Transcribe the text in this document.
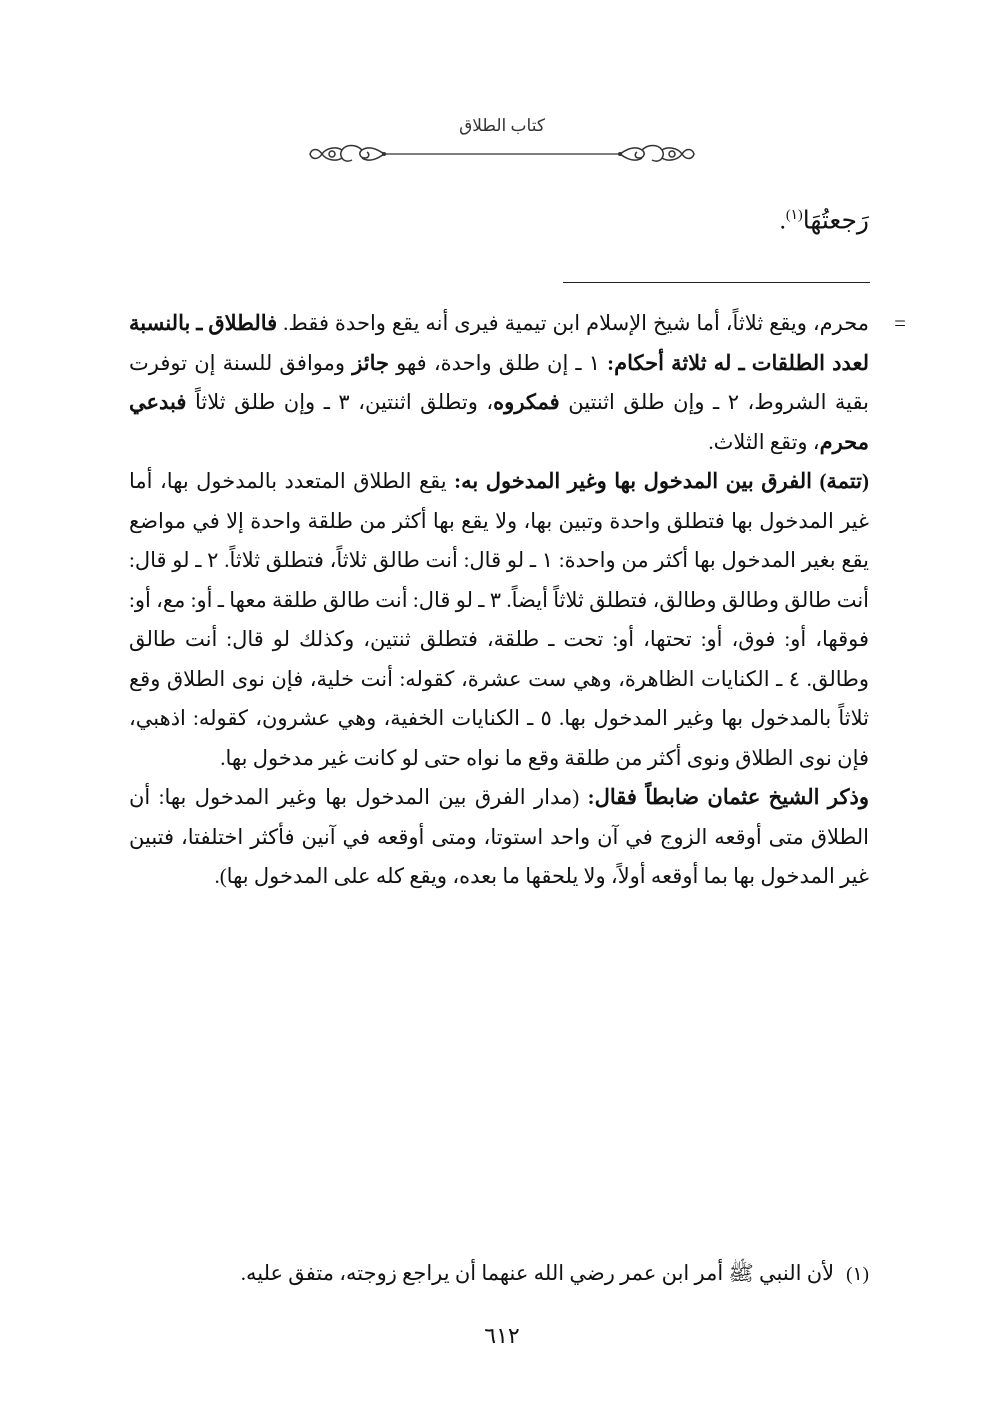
كتاب الطلاق
رَجعتُهَا$^{(١)}$.

=
محرم، ويقع ثلاثاً، أما شيخ الإسلام ابن تيمية فيرى أنه يقع واحدة فقط. فالطلاق ـ بالنسبة لعدد الطلقات ـ له ثلاثة أحكام: ١ ـ إن طلق واحدة، فهو جائز وموافق للسنة إن توفرت بقية الشروط، ٢ ـ وإن طلق اثنتين فمكروه، وتطلق اثنتين، ٣ ـ وإن طلق ثلاثاً فبدعي محرم، وتقع الثلاث.

(تتمة) الفرق بين المدخول بها وغير المدخول به: يقع الطلاق المتعدد بالمدخول بها، أما غير المدخول بها فتطلق واحدة وتبين بها، ولا يقع بها أكثر من طلقة واحدة إلا في مواضع يقع بغير المدخول بها أكثر من واحدة: ١ ـ لو قال: أنت طالق ثلاثاً، فتطلق ثلاثاً. ٢ ـ لو قال: أنت طالق وطالق وطالق، فتطلق ثلاثاً أيضاً. ٣ ـ لو قال: أنت طالق طلقة معها ـ أو: مع، أو: فوقها، أو: فوق، أو: تحتها، أو: تحت ـ طلقة، فتطلق ثنتين، وكذلك لو قال: أنت طالق وطالق. ٤ ـ الكنايات الظاهرة، وهي ست عشرة، كقوله: أنت خلية، فإن نوى الطلاق وقع ثلاثاً بالمدخول بها وغير المدخول بها. ٥ ـ الكنايات الخفية، وهي عشرون، كقوله: اذهبي، فإن نوى الطلاق ونوى أكثر من طلقة وقع ما نواه حتى لو كانت غير مدخول بها.

وذكر الشيخ عثمان ضابطاً فقال: (مدار الفرق بين المدخول بها وغير المدخول بها: أن الطلاق متى أوقعه الزوج في آن واحد استوتا، ومتى أوقعه في آنين فأكثر اختلفتا، فتبين غير المدخول بها بما أوقعه أولاً، ولا يلحقها ما بعده، ويقع كله على المدخول بها).

(١)لأن النبي ﷺ أمر ابن عمر رضي الله عنهما أن يراجع زوجته، متفق عليه.
٦١٢
